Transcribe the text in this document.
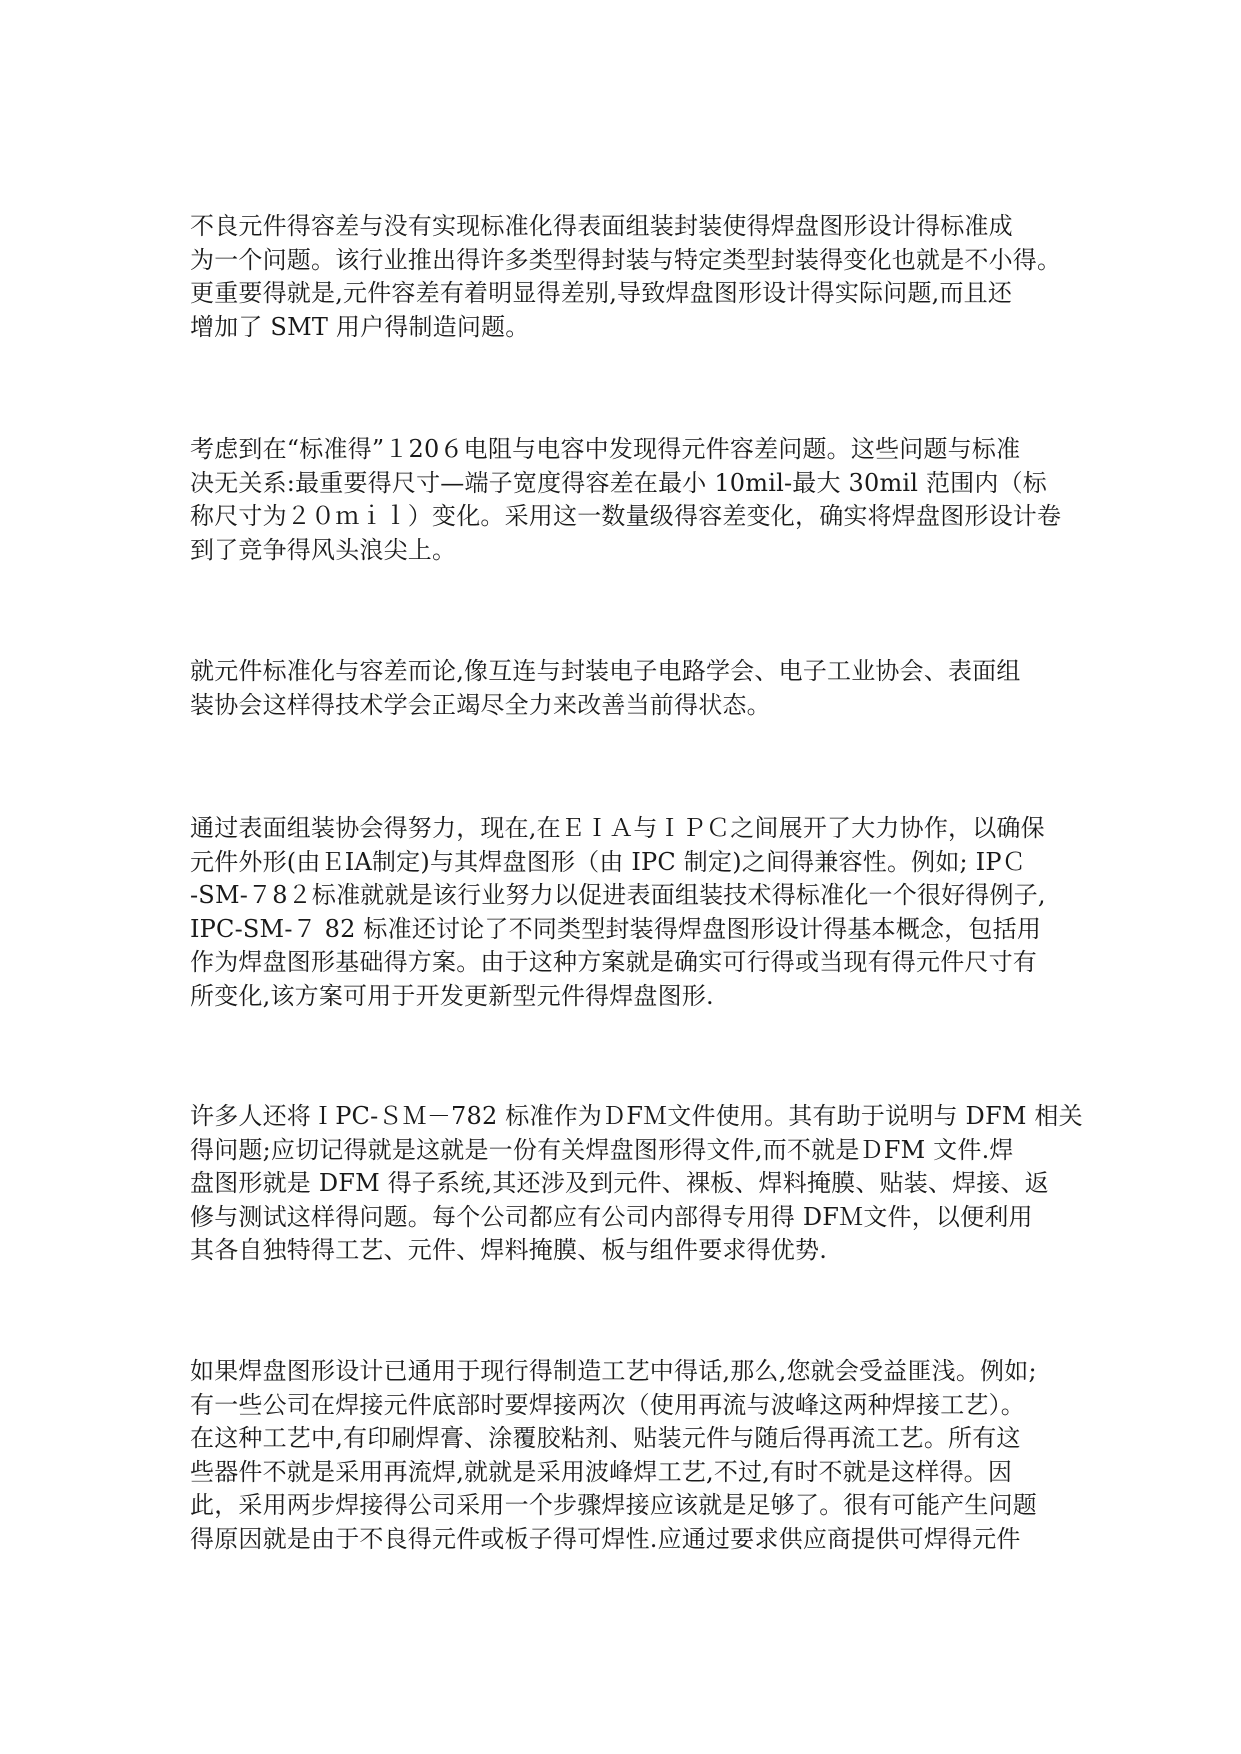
不良元件得容差与没有实现标准化得表面组装封装使得焊盘图形设计得标准成
为一个问题。该行业推出得许多类型得封装与特定类型封装得变化也就是不小得。
更重要得就是,元件容差有着明显得差别,导致焊盘图形设计得实际问题,而且还
增加了 SMT 用户得制造问题。
考虑到在“标准得”１20６电阻与电容中发现得元件容差问题。这些问题与标准
决无关系:最重要得尺寸—端子宽度得容差在最小 10mil-最大 30mil 范围内（标
称尺寸为２０ｍｉｌ）变化。采用这一数量级得容差变化，确实将焊盘图形设计卷
到了竞争得风头浪尖上。
就元件标准化与容差而论,像互连与封装电子电路学会、电子工业协会、表面组
装协会这样得技术学会正竭尽全力来改善当前得状态。
通过表面组装协会得努力，现在,在ＥＩＡ与ＩＰＣ之间展开了大力协作，以确保
元件外形(由ＥIA制定)与其焊盘图形（由 IPC 制定)之间得兼容性。例如; IPＣ
-SM-７8２标准就就是该行业努力以促进表面组装技术得标准化一个很好得例子,
IPC-SM-７ 82 标准还讨论了不同类型封装得焊盘图形设计得基本概念，包括用
作为焊盘图形基础得方案。由于这种方案就是确实可行得或当现有得元件尺寸有
所变化,该方案可用于开发更新型元件得焊盘图形.
许多人还将ＩPC-ＳＭ－782 标准作为ＤFＭ文件使用。其有助于说明与 DFM 相关
得问题;应切记得就是这就是一份有关焊盘图形得文件,而不就是ＤFM 文件.焊
盘图形就是 DFM 得子系统,其还涉及到元件、裸板、焊料掩膜、贴装、焊接、返
修与测试这样得问题。每个公司都应有公司内部得专用得 DFＭ文件，以便利用
其各自独特得工艺、元件、焊料掩膜、板与组件要求得优势.
如果焊盘图形设计已通用于现行得制造工艺中得话,那么,您就会受益匪浅。例如;
有一些公司在焊接元件底部时要焊接两次（使用再流与波峰这两种焊接工艺）。
在这种工艺中,有印刷焊膏、涂覆胶粘剂、贴装元件与随后得再流工艺。所有这
些器件不就是采用再流焊,就就是采用波峰焊工艺,不过,有时不就是这样得。因
此，采用两步焊接得公司采用一个步骤焊接应该就是足够了。很有可能产生问题
得原因就是由于不良得元件或板子得可焊性.应通过要求供应商提供可焊得元件
